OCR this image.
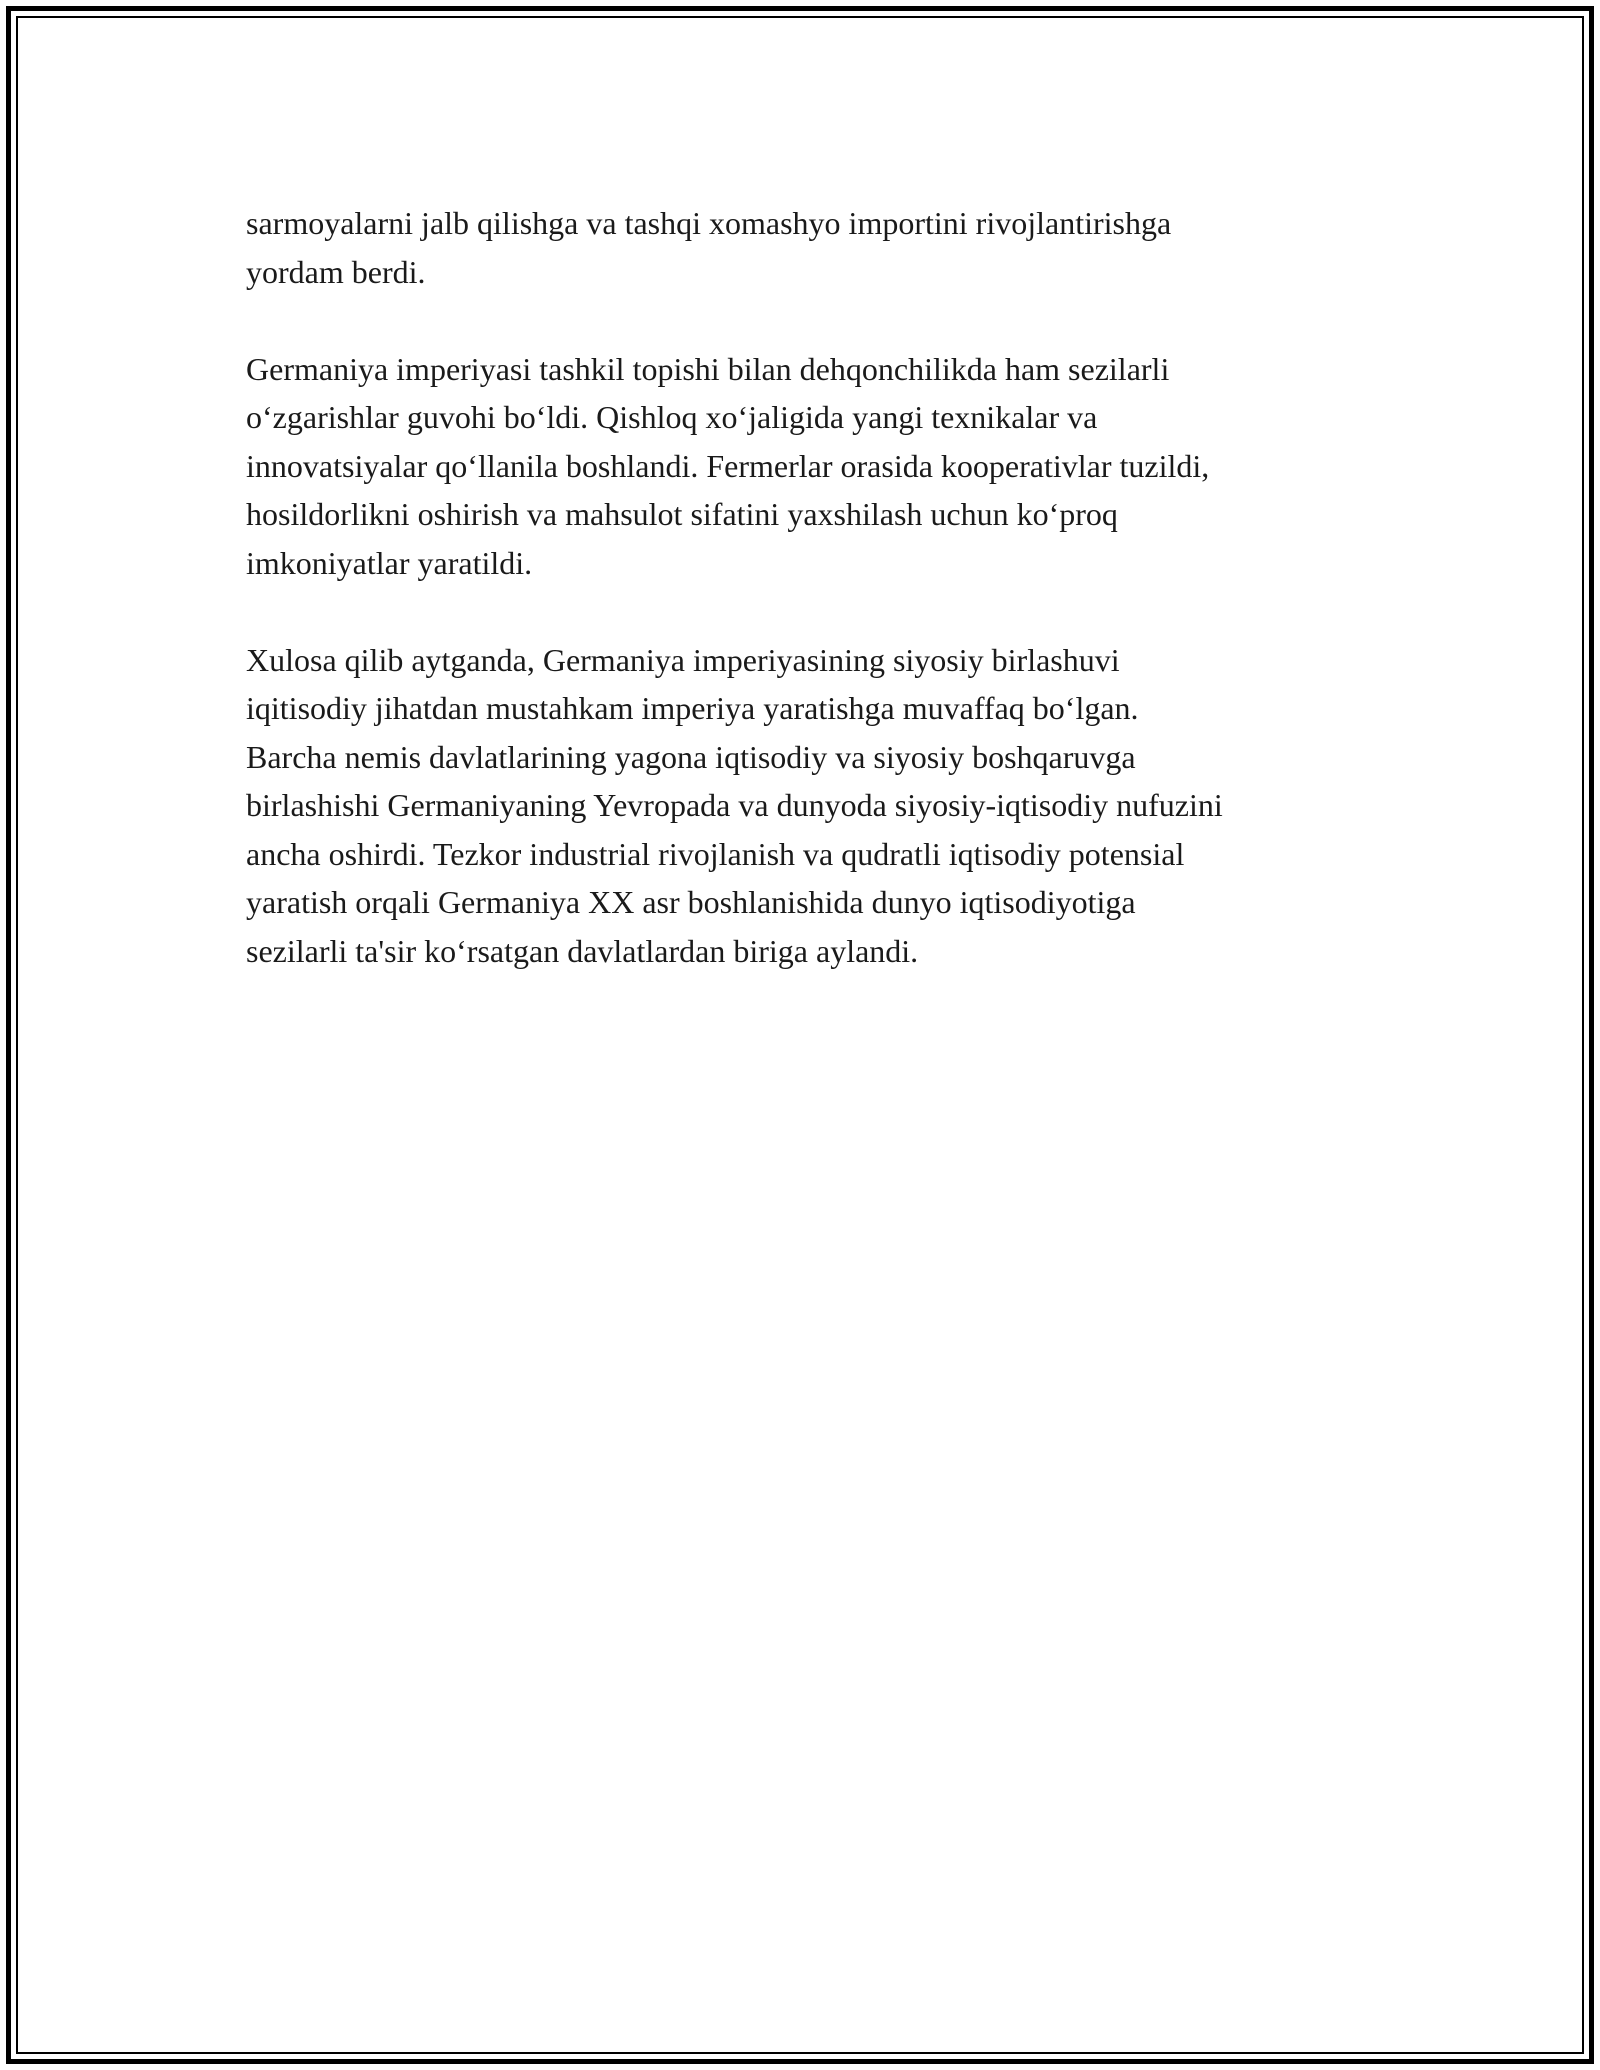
sarmoyalarni jalb qilishga va tashqi xomashyo importini rivojlantirishga
yordam berdi.

Germaniya imperiyasi tashkil topishi bilan dehqonchilikda ham sezilarli
o‘zgarishlar guvohi bo‘ldi. Qishloq xo‘jaligida yangi texnikalar va
innovatsiyalar qo‘llanila boshlandi. Fermerlar orasida kooperativlar tuzildi,
hosildorlikni oshirish va mahsulot sifatini yaxshilash uchun ko‘proq
imkoniyatlar yaratildi.

Xulosa qilib aytganda, Germaniya imperiyasining siyosiy birlashuvi
iqitisodiy jihatdan mustahkam imperiya yaratishga muvaffaq bo‘lgan.
Barcha nemis davlatlarining yagona iqtisodiy va siyosiy boshqaruvga
birlashishi Germaniyaning Yevropada va dunyoda siyosiy-iqtisodiy nufuzini
ancha oshirdi. Tezkor industrial rivojlanish va qudratli iqtisodiy potensial
yaratish orqali Germaniya XX asr boshlanishida dunyo iqtisodiyotiga
sezilarli ta'sir ko‘rsatgan davlatlardan biriga aylandi.
